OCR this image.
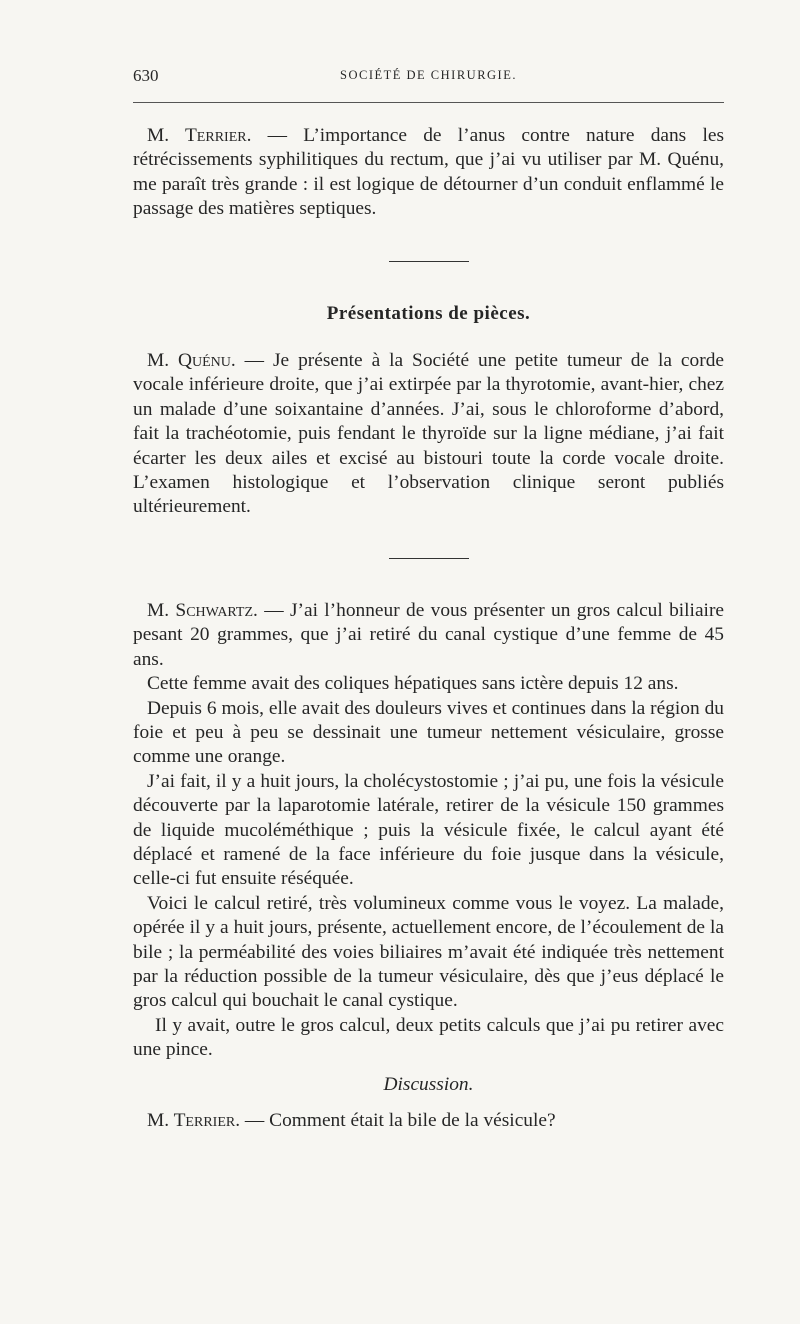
630	SOCIÉTÉ DE CHIRURGIE.

M. Terrier. — L’importance de l’anus contre nature dans les rétrécissements syphilitiques du rectum, que j’ai vu utiliser par M. Quénu, me paraît très grande : il est logique de détourner d’un conduit enflammé le passage des matières septiques.

Présentations de pièces.

M. Quénu. — Je présente à la Société une petite tumeur de la corde vocale inférieure droite, que j’ai extirpée par la thyrotomie, avant-hier, chez un malade d’une soixantaine d’années. J’ai, sous le chloroforme d’abord, fait la trachéotomie, puis fendant le thyroïde sur la ligne médiane, j’ai fait écarter les deux ailes et excisé au bistouri toute la corde vocale droite. L’examen histologique et l’observation clinique seront publiés ultérieurement.

M. Schwartz. — J’ai l’honneur de vous présenter un gros calcul biliaire pesant 20 grammes, que j’ai retiré du canal cystique d’une femme de 45 ans.

Cette femme avait des coliques hépatiques sans ictère depuis 12 ans.

Depuis 6 mois, elle avait des douleurs vives et continues dans la région du foie et peu à peu se dessinait une tumeur nettement vésiculaire, grosse comme une orange.

J’ai fait, il y a huit jours, la cholécystostomie ; j’ai pu, une fois la vésicule découverte par la laparotomie latérale, retirer de la vésicule 150 grammes de liquide mucoléméthique ; puis la vésicule fixée, le calcul ayant été déplacé et ramené de la face inférieure du foie jusque dans la vésicule, celle-ci fut ensuite réséquée.

Voici le calcul retiré, très volumineux comme vous le voyez. La malade, opérée il y a huit jours, présente, actuellement encore, de l’écoulement de la bile ; la perméabilité des voies biliaires m’avait été indiquée très nettement par la réduction possible de la tumeur vésiculaire, dès que j’eus déplacé le gros calcul qui bouchait le canal cystique.

Il y avait, outre le gros calcul, deux petits calculs que j’ai pu retirer avec une pince.

Discussion.

M. Terrier. — Comment était la bile de la vésicule?
